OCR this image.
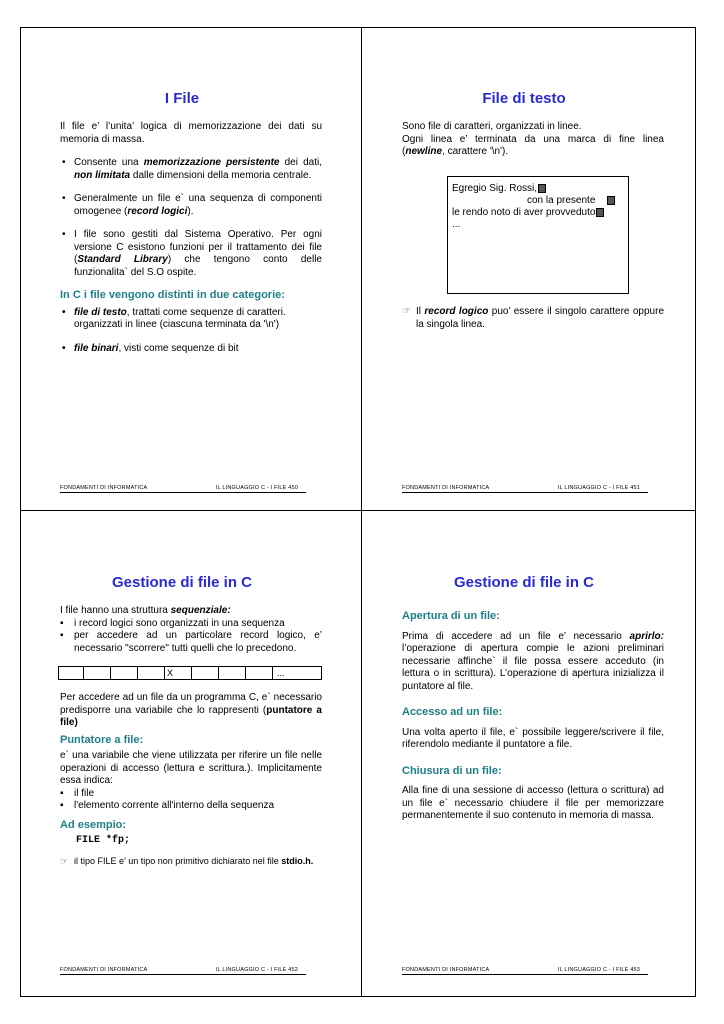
I File

Il file e’ l’unita’ logica di memorizzazione dei dati su memoria di massa.

• Consente una memorizzazione persistente dei dati, non limitata dalle dimensioni della memoria centrale.
• Generalmente un file e` una sequenza di componenti omogenee (record logici).
• I file sono gestiti dal Sistema Operativo. Per ogni versione C esistono funzioni per il trattamento dei file (Standard Library) che tengono conto delle funzionalita` del S.O ospite.

In C i file vengono distinti in due categorie:

• file di testo, trattati come sequenze di caratteri. organizzati in linee (ciascuna terminata da '\n')
• file binari, visti come sequenze di bit
FONDAMENTI DI INFORMATICA	IL LINGUAGGIO C - I FILE 450
File di testo

Sono file di caratteri, organizzati in linee.

Ogni linea e’ terminata da una marca di fine linea (newline, carattere '\n').

Egregio Sig. Rossi,
con la presente
le rendo noto di aver provveduto
...
☞ Il record logico puo’ essere il singolo carattere oppure la singola linea.
FONDAMENTI DI INFORMATICA	IL LINGUAGGIO C - I FILE 451
Gestione di file in C

I file hanno una struttura sequenziale:

▪ i record logici sono organizzati in una sequenza
▪ per accedere ad un particolare record logico, e’ necessario "scorrere" tutti quelli che lo precedono.
X	...

Per accedere ad un file da un programma C, e` necessario predisporre una variabile che lo rappresenti (puntatore a file)

Puntatore a file:

e` una variabile che viene utilizzata per riferire un file nelle operazioni di accesso (lettura e scrittura.). Implicitamente essa indica:

▪ il file
▪ l'elemento corrente all'interno della sequenza

Ad esempio:

FILE *fp;

☞ il tipo FILE e’ un tipo non primitivo dichiarato nel file stdio.h.
FONDAMENTI DI INFORMATICA	IL LINGUAGGIO C - I FILE 452
Gestione di file in C

Apertura di un file:

Prima di accedere ad un file e’ necessario aprirlo: l’operazione di apertura compie le azioni preliminari necessarie affinche` il file possa essere acceduto (in lettura o in scrittura). L’operazione di apertura inizializza il puntatore al file.

Accesso ad un file:

Una volta aperto il file, e` possibile leggere/scrivere il file, riferendolo mediante il puntatore a file.

Chiusura di un file:

Alla fine di una sessione di accesso (lettura o scrittura) ad un file e` necessario chiudere il file per memorizzare permanentemente il suo contenuto in memoria di massa.

FONDAMENTI DI INFORMATICA	IL LINGUAGGIO C - I FILE 453
